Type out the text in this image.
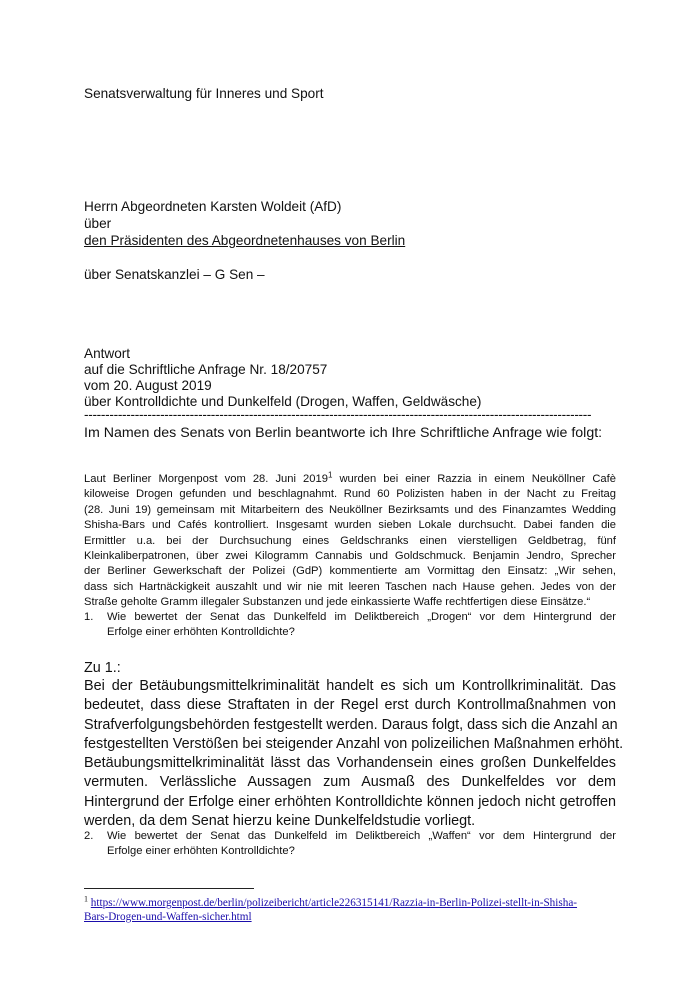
Senatsverwaltung für Inneres und Sport
Herrn Abgeordneten Karsten Woldeit (AfD)
über
den Präsidenten des Abgeordnetenhauses von Berlin
über Senatskanzlei – G Sen –
Antwort
auf die Schriftliche Anfrage Nr. 18/20757
vom 20. August 2019
über Kontrolldichte und Dunkelfeld (Drogen, Waffen, Geldwäsche)
------------------------------------------------------------------------------------------------------------------------
Im Namen des Senats von Berlin beantworte ich Ihre Schriftliche Anfrage wie folgt:
Laut Berliner Morgenpost vom 28. Juni 2019$^1$ wurden bei einer Razzia in einem Neuköllner Cafè
kiloweise Drogen gefunden und beschlagnahmt. Rund 60 Polizisten haben in der Nacht zu Freitag
(28. Juni 19) gemeinsam mit Mitarbeitern des Neuköllner Bezirksamts und des Finanzamtes Wedding
Shisha-Bars und Cafés kontrolliert. Insgesamt wurden sieben Lokale durchsucht. Dabei fanden die
Ermittler u.a. bei der Durchsuchung eines Geldschranks einen vierstelligen Geldbetrag, fünf
Kleinkaliberpatronen, über zwei Kilogramm Cannabis und Goldschmuck. Benjamin Jendro, Sprecher
der Berliner Gewerkschaft der Polizei (GdP) kommentierte am Vormittag den Einsatz: „Wir sehen,
dass sich Hartnäckigkeit auszahlt und wir nie mit leeren Taschen nach Hause gehen. Jedes von der
Straße geholte Gramm illegaler Substanzen und jede einkassierte Waffe rechtfertigen diese Einsätze.“
1. Wie bewertet der Senat das Dunkelfeld im Deliktbereich „Drogen“ vor dem Hintergrund der
Erfolge einer erhöhten Kontrolldichte?
Zu 1.:
Bei der Betäubungsmittelkriminalität handelt es sich um Kontrollkriminalität. Das
bedeutet, dass diese Straftaten in der Regel erst durch Kontrollmaßnahmen von
Strafverfolgungsbehörden festgestellt werden. Daraus folgt, dass sich die Anzahl an
festgestellten Verstößen bei steigender Anzahl von polizeilichen Maßnahmen erhöht.
Betäubungsmittelkriminalität lässt das Vorhandensein eines großen Dunkelfeldes
vermuten. Verlässliche Aussagen zum Ausmaß des Dunkelfeldes vor dem
Hintergrund der Erfolge einer erhöhten Kontrolldichte können jedoch nicht getroffen
werden, da dem Senat hierzu keine Dunkelfeldstudie vorliegt.
2. Wie bewertet der Senat das Dunkelfeld im Deliktbereich „Waffen“ vor dem Hintergrund der
Erfolge einer erhöhten Kontrolldichte?
$^1$ https://www.morgenpost.de/berlin/polizeibericht/article226315141/Razzia-in-Berlin-Polizei-stellt-in-Shisha-
Bars-Drogen-und-Waffen-sicher.html
